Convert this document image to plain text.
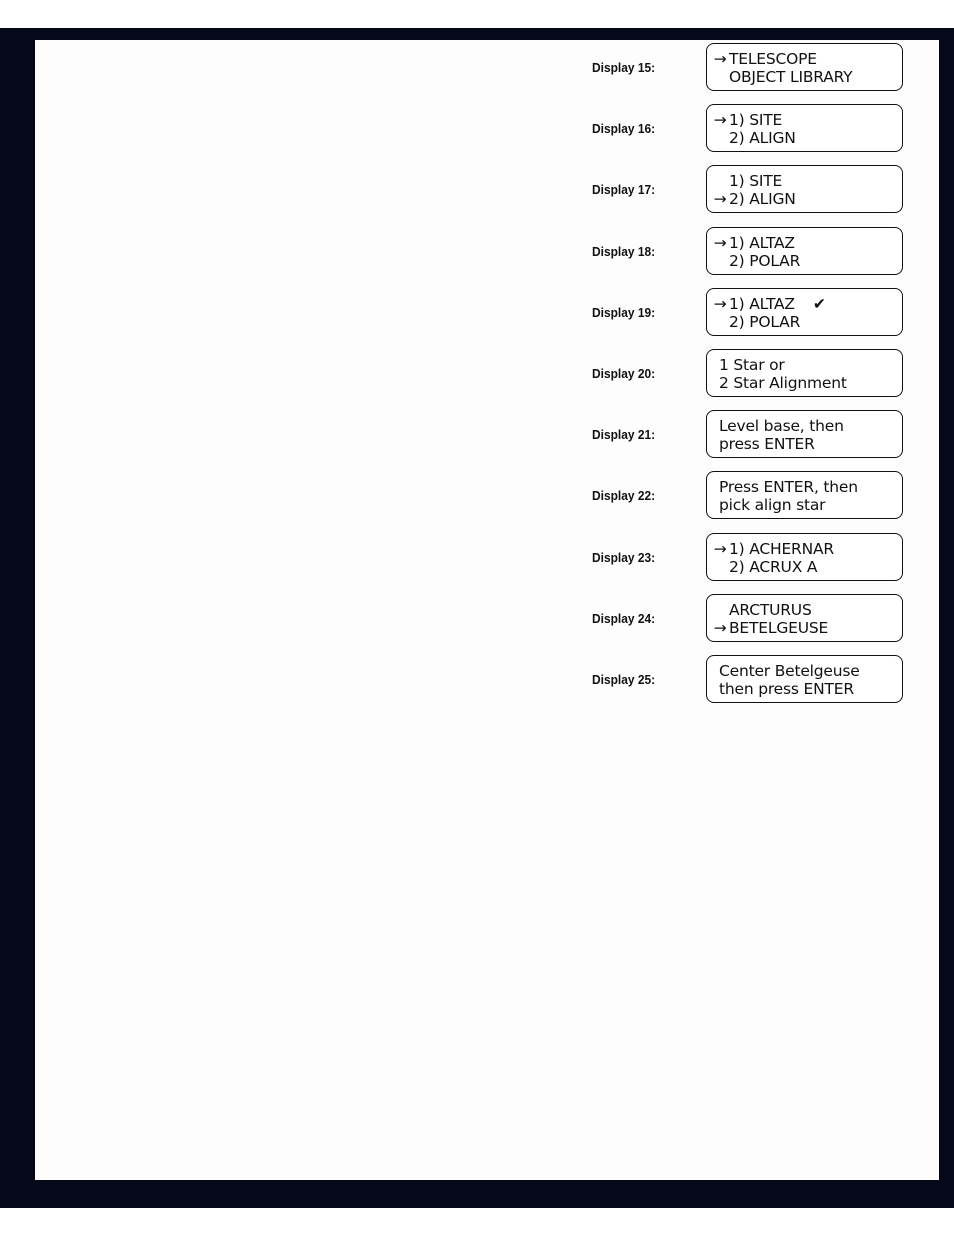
Display 15:	→ TELESCOPE
OBJECT LIBRARY
Display 16:	→ 1) SITE
2) ALIGN
Display 17:	1) SITE
→ 2) ALIGN
Display 18:	→ 1) ALTAZ
2) POLAR
Display 19:	→ 1) ALTAZ ✔
2) POLAR
Display 20:	1 Star or
2 Star Alignment
Display 21:	Level base, then
press ENTER
Display 22:	Press ENTER, then
pick align star
Display 23:	→ 1) ACHERNAR
2) ACRUX A
Display 24:	ARCTURUS
→ BETELGEUSE
Display 25:	Center Betelgeuse
then press ENTER
